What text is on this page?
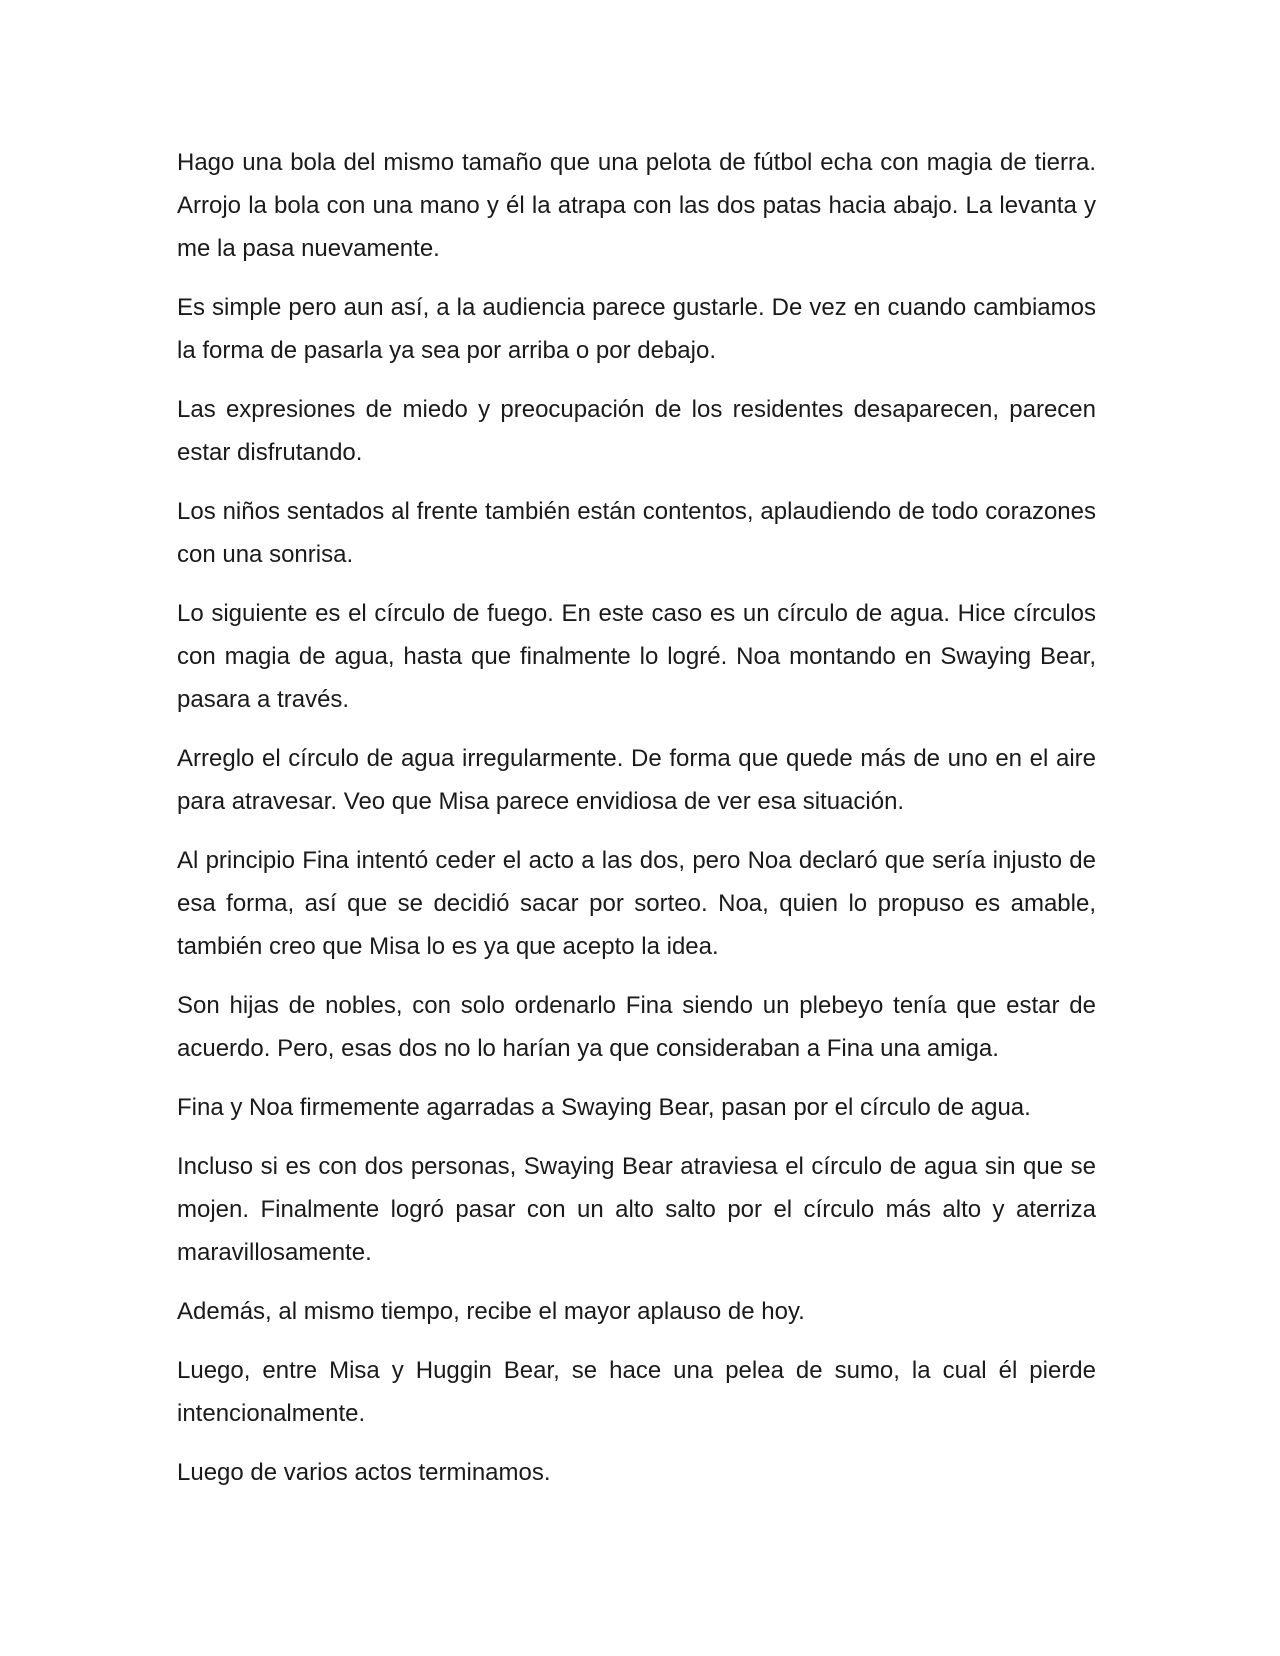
Hago una bola del mismo tamaño que una pelota de fútbol echa con magia de tierra. Arrojo la bola con una mano y él la atrapa con las dos patas hacia abajo. La levanta y me la pasa nuevamente.

Es simple pero aun así, a la audiencia parece gustarle. De vez en cuando cambiamos la forma de pasarla ya sea por arriba o por debajo.

Las expresiones de miedo y preocupación de los residentes desaparecen, parecen estar disfrutando.

Los niños sentados al frente también están contentos, aplaudiendo de todo corazones con una sonrisa.

Lo siguiente es el círculo de fuego. En este caso es un círculo de agua. Hice círculos con magia de agua, hasta que finalmente lo logré. Noa montando en Swaying Bear, pasara a través.

Arreglo el círculo de agua irregularmente. De forma que quede más de uno en el aire para atravesar. Veo que Misa parece envidiosa de ver esa situación.

Al principio Fina intentó ceder el acto a las dos, pero Noa declaró que sería injusto de esa forma, así que se decidió sacar por sorteo. Noa, quien lo propuso es amable, también creo que Misa lo es ya que acepto la idea.

Son hijas de nobles, con solo ordenarlo Fina siendo un plebeyo tenía que estar de acuerdo. Pero, esas dos no lo harían ya que consideraban a Fina una amiga.

Fina y Noa firmemente agarradas a Swaying Bear, pasan por el círculo de agua.

Incluso si es con dos personas, Swaying Bear atraviesa el círculo de agua sin que se mojen. Finalmente logró pasar con un alto salto por el círculo más alto y aterriza maravillosamente.

Además, al mismo tiempo, recibe el mayor aplauso de hoy.

Luego, entre Misa y Huggin Bear, se hace una pelea de sumo, la cual él pierde intencionalmente.

Luego de varios actos terminamos.
